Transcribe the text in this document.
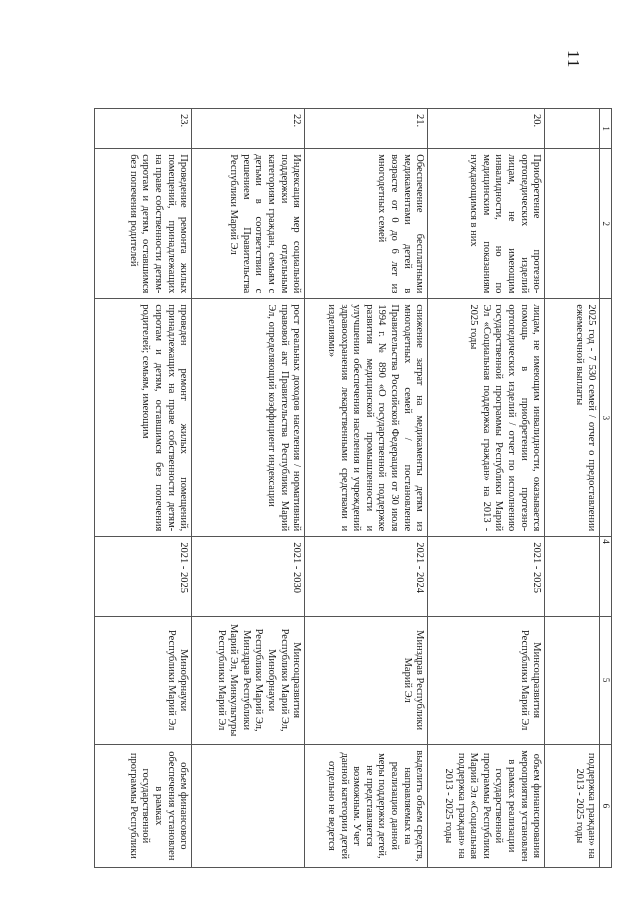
11
1	2	3	4	5	6
		2025 год - 7 530 семей / отчет о предоставлении ежемесячной выплаты			поддержка граждан» на 2013 - 2025 годы
20.	Приобретение протезно-ортопедических изделий лицам, не имеющим инвалидности, но по медицинским показаниям нуждающимся в них	лицам, не имеющим инвалидности, оказывается помощь в приобретении протезно-ортопедических изделий / отчет по исполнению государственной программы Республики Марий Эл «Социальная поддержка граждан» на 2013 - 2025 годы	2021 - 2025	Минсоцразвития Республики Марий Эл	объем финансирования мероприятия установлен в рамках реализации государственной программы Республики Марий Эл «Социальная поддержка граждан» на 2013 - 2025 годы
21.	Обеспечение бесплатными медикаментами детей в возрасте от 0 до 6 лет из многодетных семей	снижение затрат на медикаменты детям из многодетных семей / постановление Правительства Российской Федерации от 30 июля 1994 г. № 890 «О государственной поддержке развития медицинской промышленности и улучшении обеспечения населения и учреждений здравоохранения лекарственными средствами и изделиями»	2021 - 2024	Минздрав Республики Марий Эл	выделить объем средств, направляемых на реализацию данной меры поддержки детей, не представляется возможным. Учет данной категории детей отдельно не ведется
22.	Индексация мер социальной поддержки отдельным категориям граждан, семьям с детьми в соответствии с решением Правительства Республики Марий Эл	рост реальных доходов населения / нормативный правовой акт Правительства Республики Марий Эл, определяющий коэффициент индексации	2021 - 2030	Минсоцразвития Республики Марий Эл, Минобрнауки Республики Марий Эл, Минздрав Республики Марий Эл, Минкультуры Республики Марий Эл	
23.	Проведение ремонта жилых помещений, принадлежащих на праве собственности детям-сиротам и детям, оставшимся без попечения родителей	проведен ремонт жилых помещений, принадлежащих на праве собственности детям-сиротам и детям, оставшимся без попечения родителей; семьям, имеющим	2021 - 2025	Минобрнауки Республики Марий Эл	объем финансового обеспечения установлен в рамках государственной программы Республики
